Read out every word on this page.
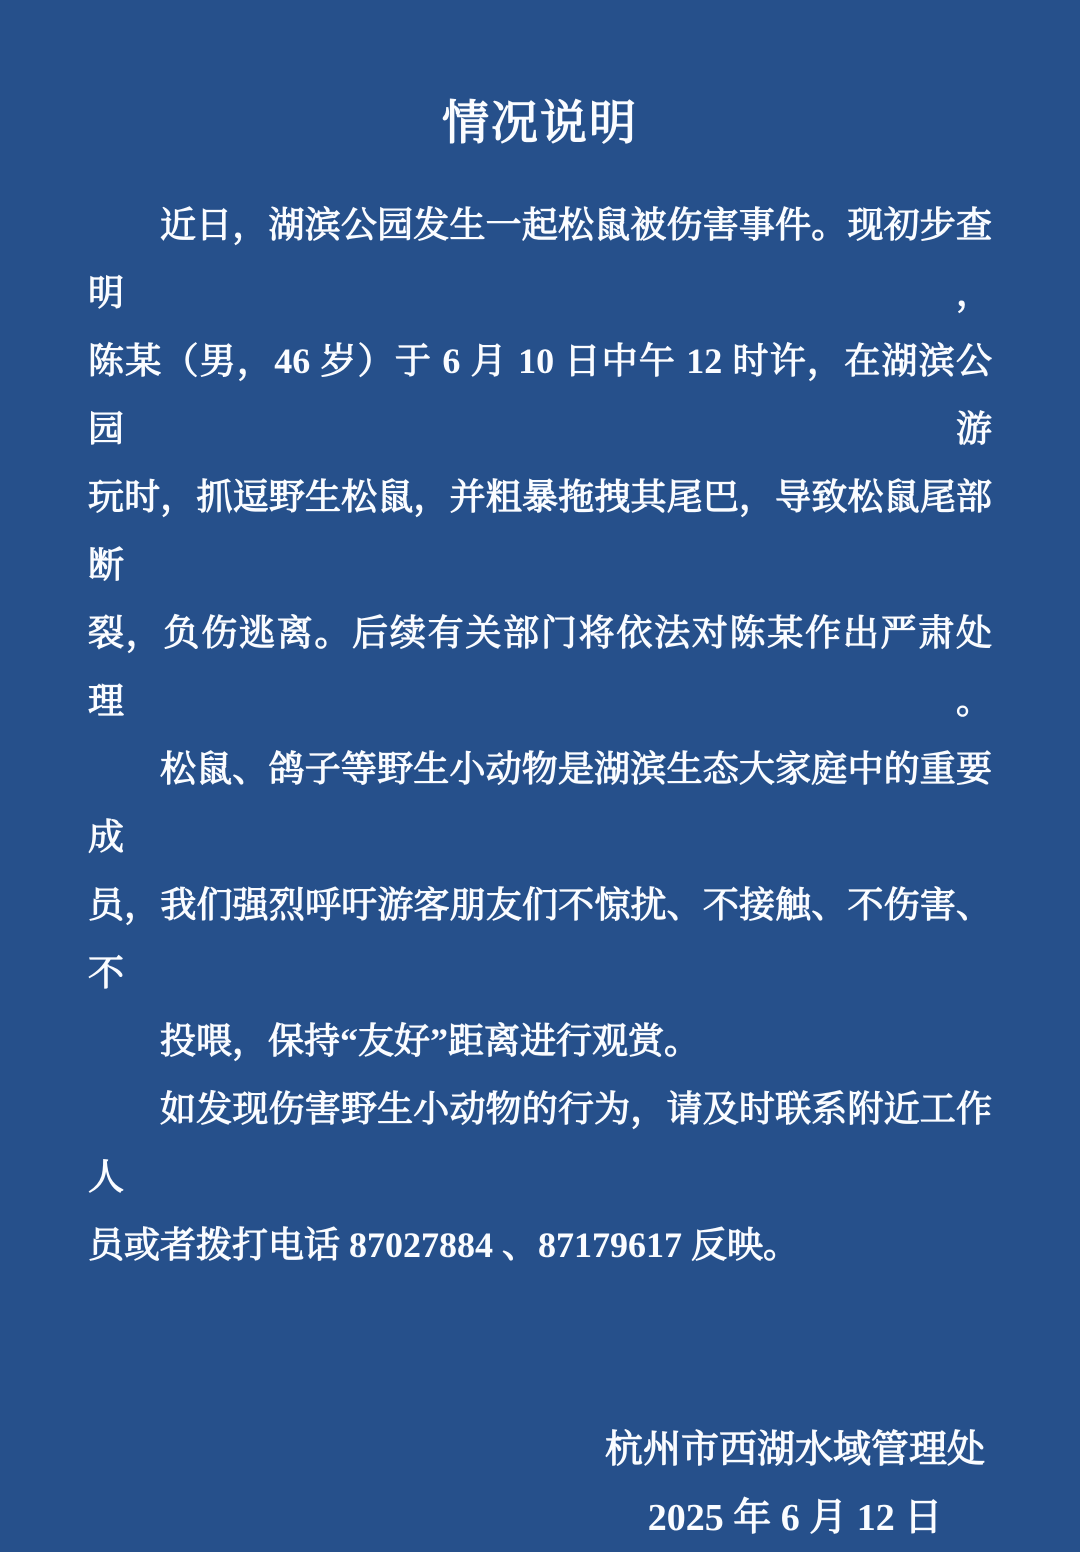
情况说明

近日，湖滨公园发生一起松鼠被伤害事件。现初步查明，

陈某（男，46 岁）于 6 月 10 日中午 12 时许，在湖滨公园游

玩时，抓逗野生松鼠，并粗暴拖拽其尾巴，导致松鼠尾部断

裂，负伤逃离。后续有关部门将依法对陈某作出严肃处理。

松鼠、鸽子等野生小动物是湖滨生态大家庭中的重要成

员，我们强烈呼吁游客朋友们不惊扰、不接触、不伤害、不

投喂，保持“友好”距离进行观赏。

如发现伤害野生小动物的行为，请及时联系附近工作人

员或者拨打电话 87027884 、87179617 反映。

杭州市西湖水域管理处

2025 年 6 月 12 日
